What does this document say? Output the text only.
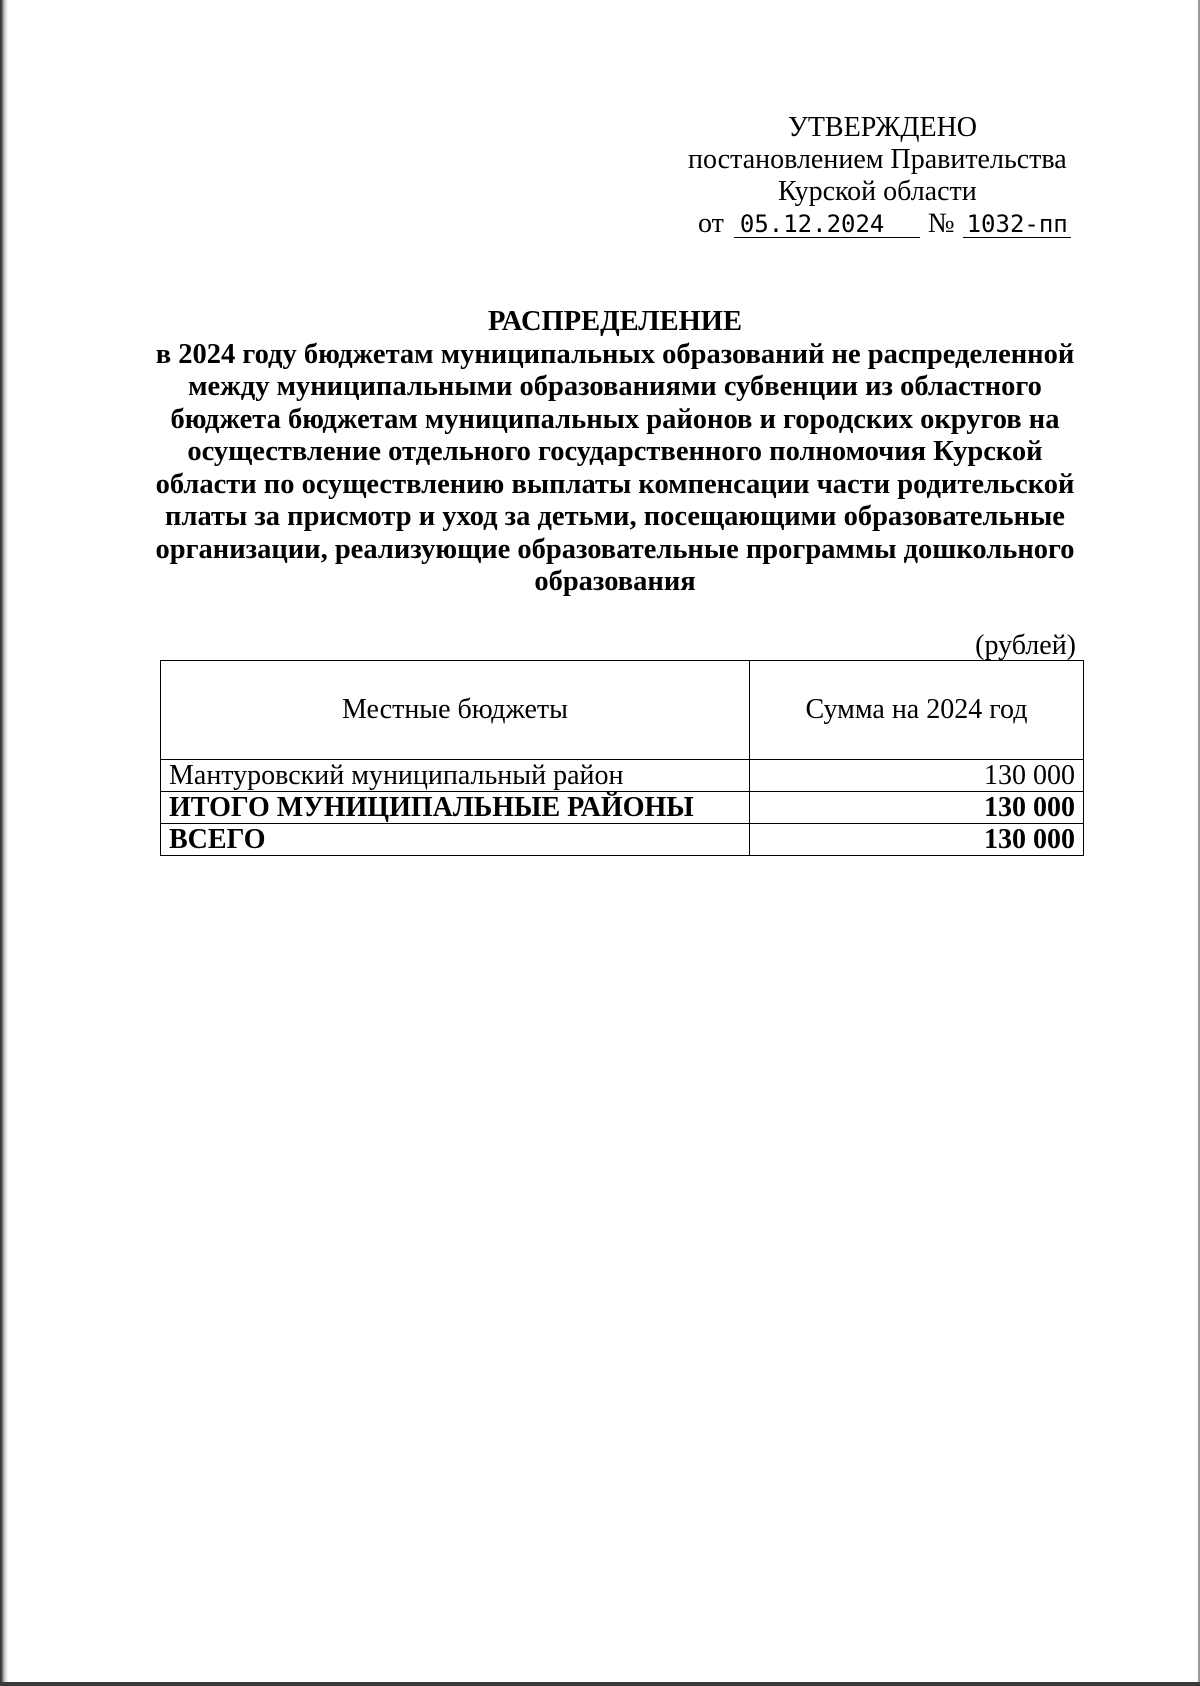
УТВЕРЖДЕНО
постановлением Правительства
Курской области
от 05.12.2024	№ 1032-пп
РАСПРЕДЕЛЕНИЕ
в 2024 году бюджетам муниципальных образований не распределенной между муниципальными образованиями субвенции из областного бюджета бюджетам муниципальных районов и городских округов на осуществление отдельного государственного полномочия Курской области по осуществлению выплаты компенсации части родительской платы за присмотр и уход за детьми, посещающими образовательные организации, реализующие образовательные программы дошкольного образования
(рублей)
Местные бюджеты	Сумма на 2024 год
Мантуровский муниципальный район	130 000
ИТОГО МУНИЦИПАЛЬНЫЕ РАЙОНЫ	130 000
ВСЕГО	130 000
